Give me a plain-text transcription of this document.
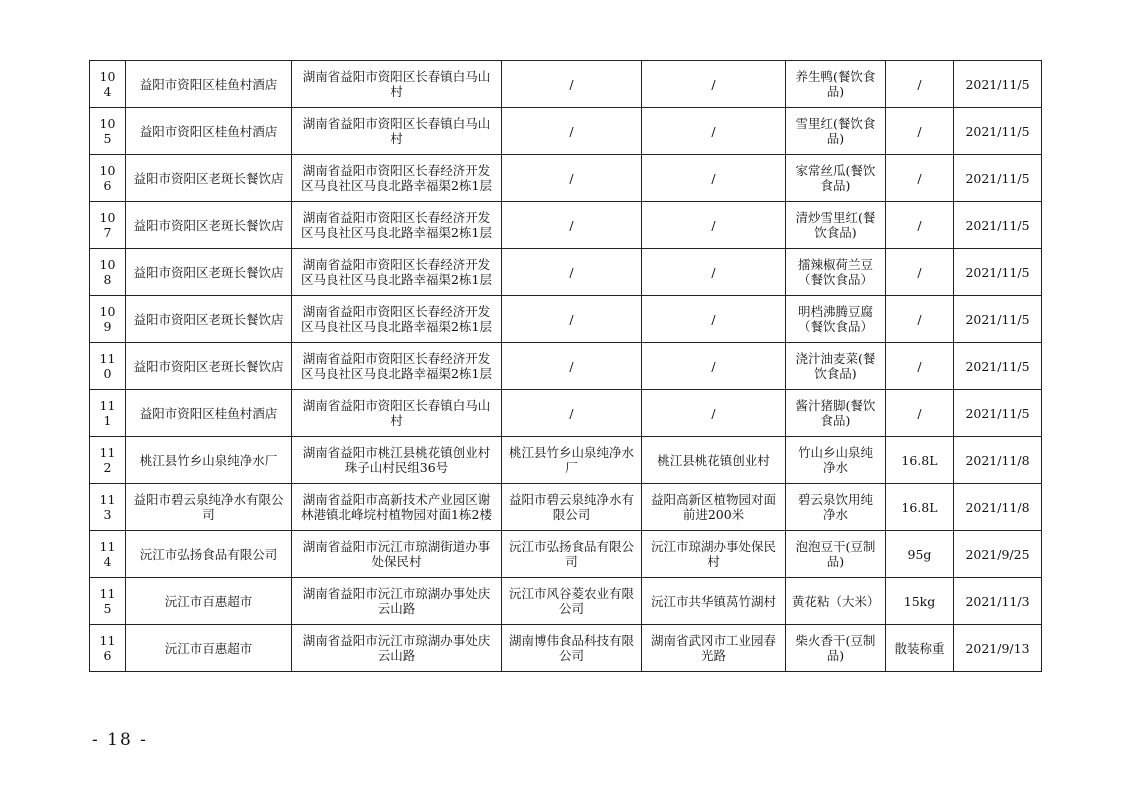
104	益阳市资阳区桂鱼村酒店	湖南省益阳市资阳区长春镇白马山村	/	/	养生鸭(餐饮食品)	/	2021/11/5
105	益阳市资阳区桂鱼村酒店	湖南省益阳市资阳区长春镇白马山村	/	/	雪里红(餐饮食品)	/	2021/11/5
106	益阳市资阳区老斑长餐饮店	湖南省益阳市资阳区长春经济开发区马良社区马良北路幸福渠2栋1层	/	/	家常丝瓜(餐饮食品)	/	2021/11/5
107	益阳市资阳区老斑长餐饮店	湖南省益阳市资阳区长春经济开发区马良社区马良北路幸福渠2栋1层	/	/	清炒雪里红(餐饮食品)	/	2021/11/5
108	益阳市资阳区老斑长餐饮店	湖南省益阳市资阳区长春经济开发区马良社区马良北路幸福渠2栋1层	/	/	擂辣椒荷兰豆（餐饮食品）	/	2021/11/5
109	益阳市资阳区老斑长餐饮店	湖南省益阳市资阳区长春经济开发区马良社区马良北路幸福渠2栋1层	/	/	明档沸腾豆腐（餐饮食品）	/	2021/11/5
110	益阳市资阳区老斑长餐饮店	湖南省益阳市资阳区长春经济开发区马良社区马良北路幸福渠2栋1层	/	/	浇汁油麦菜(餐饮食品)	/	2021/11/5
111	益阳市资阳区桂鱼村酒店	湖南省益阳市资阳区长春镇白马山村	/	/	酱汁猪脚(餐饮食品)	/	2021/11/5
112	桃江县竹乡山泉纯净水厂	湖南省益阳市桃江县桃花镇创业村珠子山村民组36号	桃江县竹乡山泉纯净水厂	桃江县桃花镇创业村	竹山乡山泉纯净水	16.8L	2021/11/8
113	益阳市碧云泉纯净水有限公司	湖南省益阳市高新技术产业园区谢林港镇北峰垸村植物园对面1栋2楼	益阳市碧云泉纯净水有限公司	益阳高新区植物园对面前进200米	碧云泉饮用纯净水	16.8L	2021/11/8
114	沅江市弘扬食品有限公司	湖南省益阳市沅江市琼湖街道办事处保民村	沅江市弘扬食品有限公司	沅江市琼湖办事处保民村	泡泡豆干(豆制品)	95g	2021/9/25
115	沅江市百惠超市	湖南省益阳市沅江市琼湖办事处庆云山路	沅江市风谷菱农业有限公司	沅江市共华镇莴竹湖村	黄花粘（大米）	15kg	2021/11/3
116	沅江市百惠超市	湖南省益阳市沅江市琼湖办事处庆云山路	湖南博伟食品科技有限公司	湖南省武冈市工业园春光路	柴火香干(豆制品)	散装称重	2021/9/13
- 18 -
